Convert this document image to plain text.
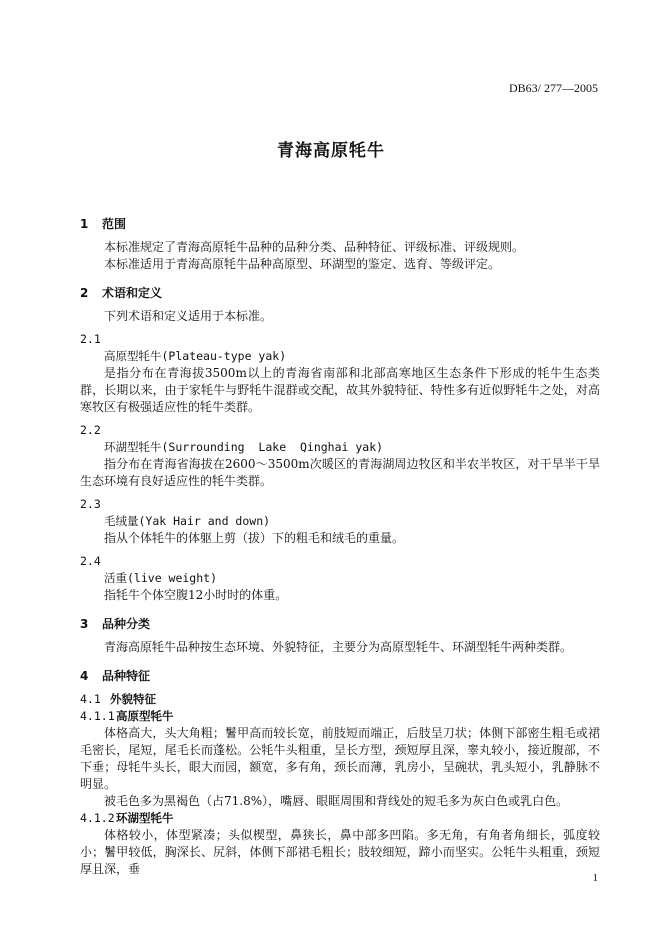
DB63/ 277—2005
青海高原牦牛
1 范围

本标准规定了青海高原牦牛品种的品种分类、品种特征、评级标准、评级规则。

本标准适用于青海高原牦牛品种高原型、环湖型的鉴定、选育、等级评定。

2 术语和定义

下列术语和定义适用于本标准。

2.1
高原型牦牛(Plateau-type yak)

是指分布在青海拔3500m以上的青海省南部和北部高寒地区生态条件下形成的牦牛生态类群，长期以来，由于家牦牛与野牦牛混群或交配，故其外貌特征、特性多有近似野牦牛之处，对高寒牧区有极强适应性的牦牛类群。

2.2
环湖型牦牛(Surrounding  Lake  Qinghai yak)

指分布在青海省海拔在2600～3500m次暖区的青海湖周边牧区和半农半牧区，对干旱半干旱生态环境有良好适应性的牦牛类群。

2.3
毛绒量(Yak Hair and down)

指从个体牦牛的体躯上剪（拔）下的粗毛和绒毛的重量。

2.4
活重(live weight)

指牦牛个体空腹12小时时的体重。

3 品种分类

青海高原牦牛品种按生态环境、外貌特征，主要分为高原型牦牛、环湖型牦牛两种类群。

4 品种特征
4.1 外貌特征
4.1.1高原型牦牛

体格高大，头大角粗；鬐甲高而较长宽，前肢短而端正，后肢呈刀状；体侧下部密生粗毛或裙毛密长，尾短，尾毛长而蓬松。公牦牛头粗重，呈长方型，颈短厚且深，睾丸较小，接近腹部，不下垂；母牦牛头长，眼大而园，额宽，多有角，颈长而薄，乳房小，呈碗状，乳头短小，乳静脉不明显。

被毛色多为黑褐色（占71.8%），嘴唇、眼眶周围和背线处的短毛多为灰白色或乳白色。

4.1.2环湖型牦牛

体格较小，体型紧凑；头似楔型，鼻狭长，鼻中部多凹陷。多无角，有角者角细长，弧度较小；鬐甲较低，胸深长、尻斜，体侧下部裙毛粗长；肢较细短，蹄小而坚实。公牦牛头粗重，颈短厚且深，垂

1
